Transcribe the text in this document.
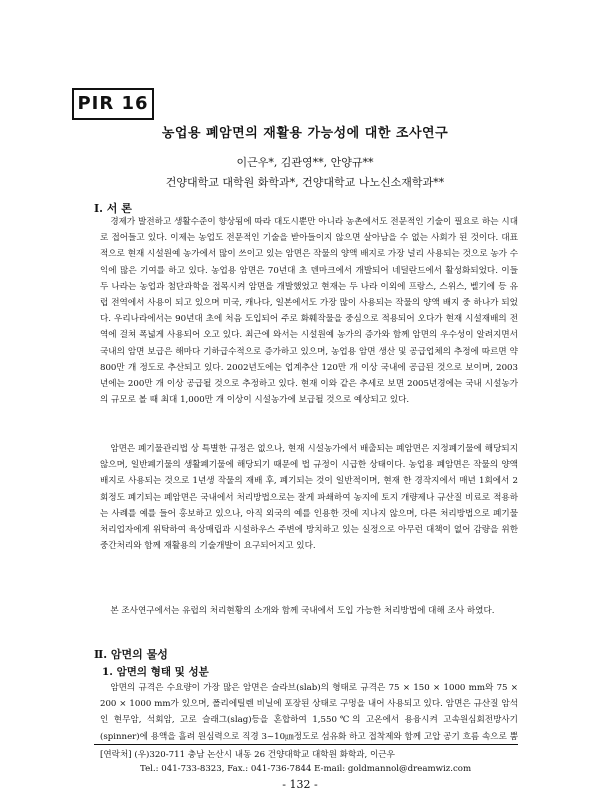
PIR 16
농업용 폐암면의 재활용 가능성에 대한 조사연구
이근우*, 김관영**, 안양규**
건양대학교 대학원 화학과*, 건양대학교 나노신소재학과**
Ⅰ. 서 론
경제가 발전하고 생활수준이 향상됨에 따라 대도시뿐만 아니라 농촌에서도 전문적인 기술이 필요로 하는 시대로 접어들고 있다. 이제는 농업도 전문적인 기술을 받아들이지 않으면 살아남을 수 없는 사회가 된 것이다. 대표적으로 현재 시설원예 농가에서 많이 쓰이고 있는 암면은 작물의 양액 배지로 가장 널리 사용되는 것으로 농가 수익에 많은 기여를 하고 있다. 농업용 암면은 70년대 초 덴마크에서 개발되어 네덜란드에서 활성화되었다. 이들 두 나라는 농업과 첨단과학을 접목시켜 암면을 개발했었고 현재는 두 나라 이외에 프랑스, 스위스, 벨기에 등 유럽 전역에서 사용이 되고 있으며 미국, 캐나다, 일본에서도 가장 많이 사용되는 작물의 양액 배지 중 하나가 되었다. 우리나라에서는 90년대 초에 처음 도입되어 주로 화훼작물을 중심으로 적용되어 오다가 현재 시설재배의 전역에 걸쳐 폭넓게 사용되어 오고 있다. 최근에 와서는 시설원예 농가의 증가와 함께 암면의 우수성이 알려지면서 국내의 암면 보급은 해마다 기하급수적으로 증가하고 있으며, 농업용 암면 생산 및 공급업체의 추정에 따르면 약 800만 개 정도로 추산되고 있다. 2002년도에는 업계추산 120만 개 이상 국내에 공급된 것으로 보이며, 2003년에는 200만 개 이상 공급될 것으로 추정하고 있다. 현재 이와 같은 추세로 보면 2005년경에는 국내 시설농가의 규모로 볼 때 최대 1,000만 개 이상이 시설농가에 보급될 것으로 예상되고 있다.
암면은 폐기물관리법 상 특별한 규정은 없으나, 현재 시설농가에서 배출되는 폐암면은 지정폐기물에 해당되지 않으며, 일반폐기물의 생활폐기물에 해당되기 때문에 법 규정이 시급한 상태이다. 농업용 폐암면은 작물의 양액 배지로 사용되는 것으로 1년생 작물의 재배 후, 폐기되는 것이 일반적이며, 현재 한 경작지에서 매년 1회에서 2회정도 폐기되는 폐암면은 국내에서 처리방법으로는 잘게 파쇄하여 농지에 토지 개량제나 규산질 비료로 적용하는 사례를 예를 들어 홍보하고 있으나, 아직 외국의 예를 인용한 것에 지나지 않으며, 다른 처리방법으로 폐기물 처리업자에게 위탁하여 육상매립과 시설하우스 주변에 방치하고 있는 실정으로 아무런 대책이 없어 감량을 위한 중간처리와 함께 재활용의 기술개발이 요구되어지고 있다.
본 조사연구에서는 유럽의 처리현황의 소개와 함께 국내에서 도입 가능한 처리방법에 대해 조사 하였다.
Ⅱ. 암면의 물성
1. 암면의 형태 및 성분
암면의 규격은 수요량이 가장 많은 암면은 슬라브(slab)의 형태로 규격은 75 × 150 × 1000 mm와 75 × 200 × 1000 mm가 있으며, 폴리에틸렌 비닐에 포장된 상태로 구멍을 내어 사용되고 있다. 암면은 규산질 암석인 현무암, 석회암, 고로 슬래그(slag)등을 혼합하여 1,550℃의 고온에서 용융시켜 고속원심회전방사기(spinner)에 용액을 흘려 원심력으로 직경 3~10㎛정도로 섬유화 하고 접착제와 함께 고압 공기 흐름 속으로 뿜
[연락처] (우)320-711 충남 논산시 내동 26 건양대학교 대학원 화학과, 이근우
Tel.: 041-733-8323, Fax.: 041-736-7844 E-mail: goldmannol@dreamwiz.com
- 132 -
